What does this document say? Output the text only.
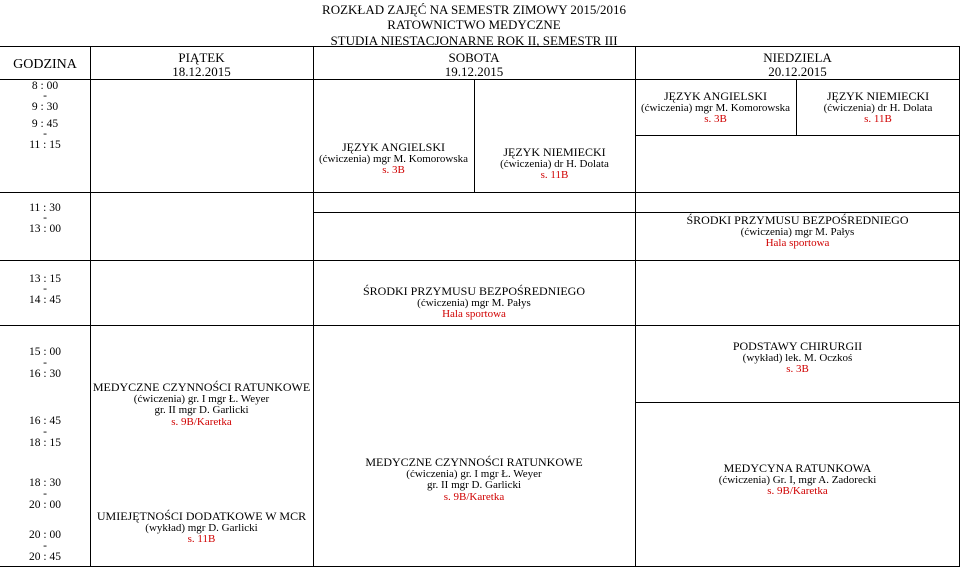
ROZKŁAD ZAJĘĆ NA SEMESTR ZIMOWY 2015/2016
RATOWNICTWO MEDYCZNE
STUDIA NIESTACJONARNE ROK II, SEMESTR III
GODZINA	PIĄTEK
18.12.2015
SOBOTA
19.12.2015
NIEDZIELA
20.12.2015
8 : 00
-
9 : 30
9 : 45
-
11 : 15
11 : 30
-
13 : 00
13 : 15
-
14 : 45
15 : 00
-
16 : 30
16 : 45
-
18 : 15
18 : 30
-
20 : 00
20 : 00
-
20 : 45
JĘZYK ANGIELSKI
(ćwiczenia) mgr M. Komorowska
s. 3B
JĘZYK NIEMIECKI
(ćwiczenia) dr H. Dolata
s. 11B
JĘZYK ANGIELSKI
(ćwiczenia) mgr M. Komorowska
s. 3B
JĘZYK NIEMIECKI
(ćwiczenia) dr H. Dolata
s. 11B
ŚRODKI PRZYMUSU BEZPOŚREDNIEGO
(ćwiczenia) mgr M. Pałys
Hala sportowa
ŚRODKI PRZYMUSU BEZPOŚREDNIEGO
(ćwiczenia) mgr M. Pałys
Hala sportowa
MEDYCZNE CZYNNOŚCI RATUNKOWE
(ćwiczenia) gr. I mgr Ł. Weyer
gr. II mgr D. Garlicki
s. 9B/Karetka
UMIEJĘTNOŚCI DODATKOWE W MCR
(wykład) mgr D. Garlicki
s. 11B
PODSTAWY CHIRURGII
(wykład) lek. M. Oczkoś
s. 3B
MEDYCZNE CZYNNOŚCI RATUNKOWE
(ćwiczenia) gr. I mgr Ł. Weyer
gr. II mgr D. Garlicki
s. 9B/Karetka
MEDYCYNA RATUNKOWA
(ćwiczenia) Gr. I, mgr A. Zadorecki
s. 9B/Karetka
